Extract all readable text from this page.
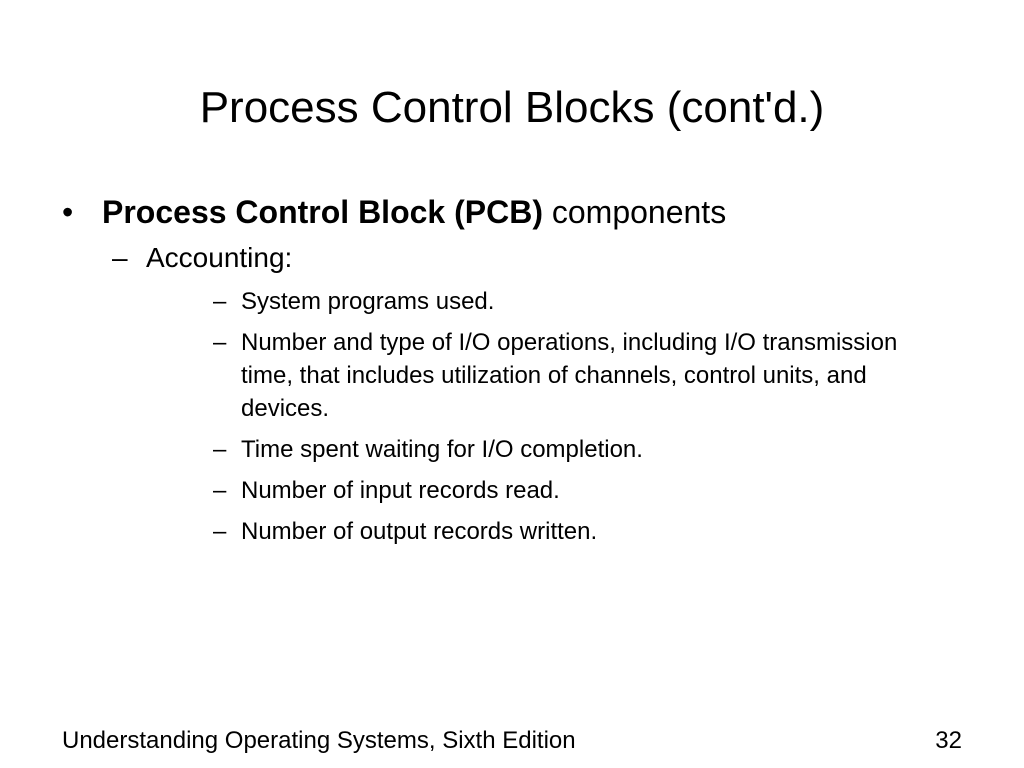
Process Control Blocks (cont'd.)
• Process Control Block (PCB) components
– Accounting:
– System programs used.
– Number and type of I/O operations, including I/O transmission time, that includes utilization of channels, control units, and devices.
– Time spent waiting for I/O completion.
– Number of input records read.
– Number of output records written.
Understanding Operating Systems, Sixth Edition	32
